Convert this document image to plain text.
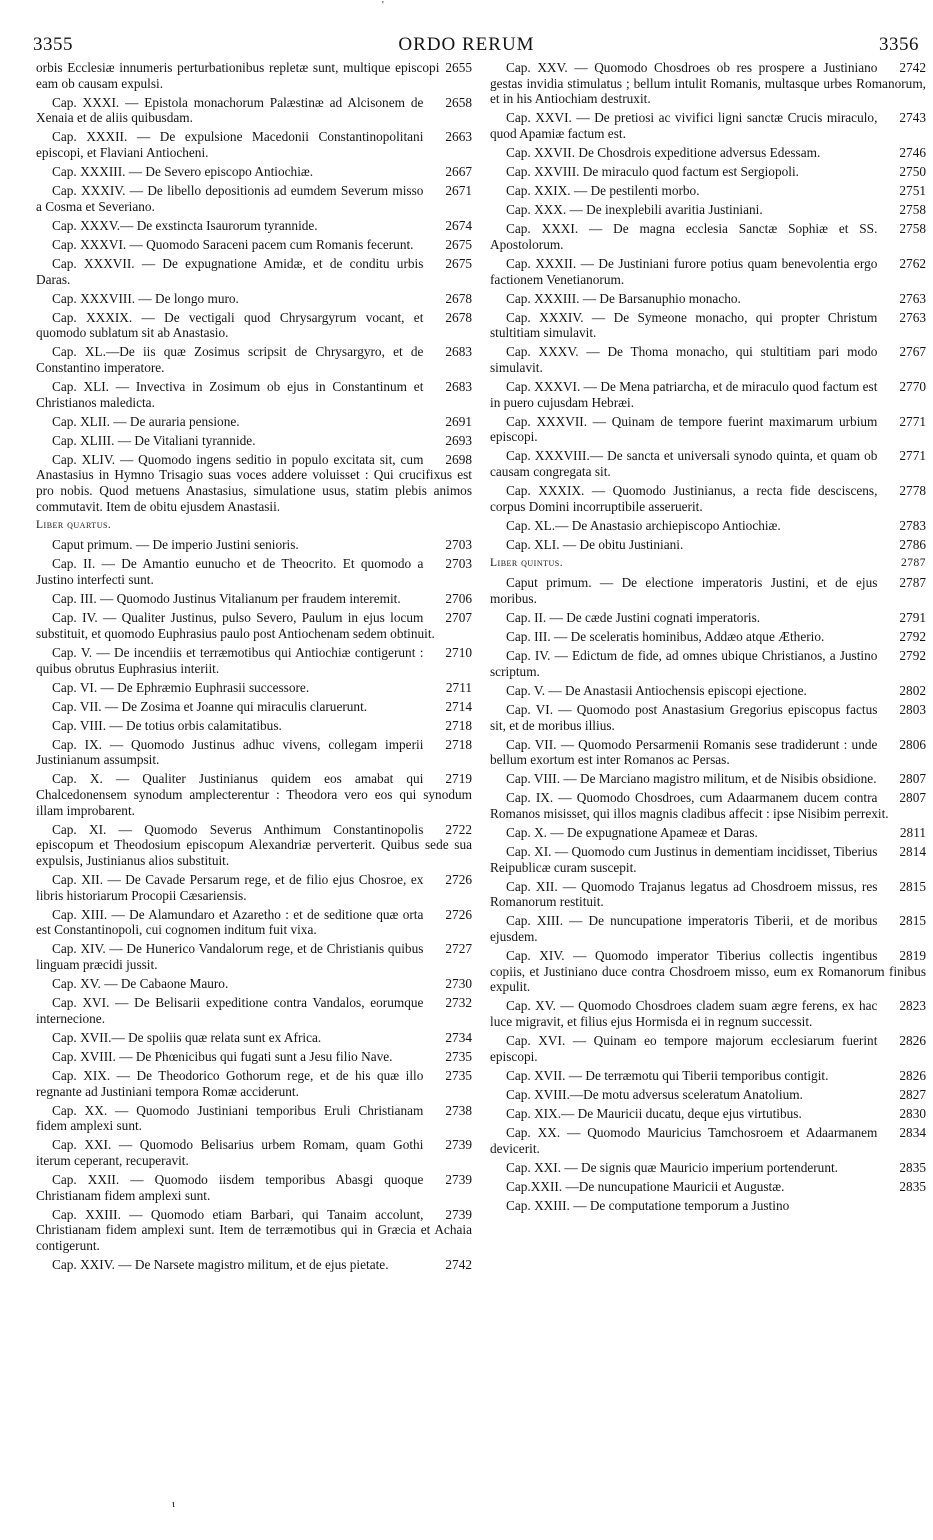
'
3355	ORDO RERUM	3356

2655
orbis Ecclesiæ innumeris perturbationibus repletæ sunt, multique episcopi eam ob causam expulsi.

2658
Cap. XXXI. — Epistola monachorum Palæstinæ ad Alcisonem de Xenaia et de aliis quibusdam.

2663
Cap. XXXII. — De expulsione Macedonii Constantinopolitani episcopi, et Flaviani Antiocheni.

2667
Cap. XXXIII. — De Severo episcopo Antiochiæ.

2671
Cap. XXXIV. — De libello depositionis ad eumdem Severum misso a Cosma et Severiano.

2674
Cap. XXXV.— De exstincta Isaurorum tyrannide.

2675
Cap. XXXVI. — Quomodo Saraceni pacem cum Romanis fecerunt.

2675
Cap. XXXVII. — De expugnatione Amidæ, et de conditu urbis Daras.

2678
Cap. XXXVIII. — De longo muro.

2678
Cap. XXXIX. — De vectigali quod Chrysargyrum vocant, et quomodo sublatum sit ab Anastasio.

2683
Cap. XL.—De iis quæ Zosimus scripsit de Chrysargyro, et de Constantino imperatore.

2683
Cap. XLI. — Invectiva in Zosimum ob ejus in Constantinum et Christianos maledicta.

2691
Cap. XLII. — De auraria pensione.

2693
Cap. XLIII. — De Vitaliani tyrannide.

2698
Cap. XLIV. — Quomodo ingens seditio in populo excitata sit, cum Anastasius in Hymno Trisagio suas voces addere voluisset : Qui crucifixus est pro nobis. Quod metuens Anastasius, simulatione usus, statim plebis animos commutavit. Item de obitu ejusdem Anastasii.

Liber quartus.

2703
Caput primum. — De imperio Justini senioris.

2703
Cap. II. — De Amantio eunucho et de Theocrito. Et quomodo a Justino interfecti sunt.

2706
Cap. III. — Quomodo Justinus Vitalianum per fraudem interemit.

2707
Cap. IV. — Qualiter Justinus, pulso Severo, Paulum in ejus locum substituit, et quomodo Euphrasius paulo post Antiochenam sedem obtinuit.

2710
Cap. V. — De incendiis et terræmotibus qui Antiochiæ contigerunt : quibus obrutus Euphrasius interiit.

2711
Cap. VI. — De Ephræmio Euphrasii successore.

2714
Cap. VII. — De Zosima et Joanne qui miraculis claruerunt.

2718
Cap. VIII. — De totius orbis calamitatibus.

2718
Cap. IX. — Quomodo Justinus adhuc vivens, collegam imperii Justinianum assumpsit.

2719
Cap. X. — Qualiter Justinianus quidem eos amabat qui Chalcedonensem synodum amplecterentur : Theodora vero eos qui synodum illam improbarent.

2722
Cap. XI. — Quomodo Severus Anthimum Constantinopolis episcopum et Theodosium episcopum Alexandriæ perverterit. Quibus sede sua expulsis, Justinianus alios substituit.

2726
Cap. XII. — De Cavade Persarum rege, et de filio ejus Chosroe, ex libris historiarum Procopii Cæsariensis.

2726
Cap. XIII. — De Alamundaro et Azaretho : et de seditione quæ orta est Constantinopoli, cui cognomen inditum fuit vixa.

2727
Cap. XIV. — De Hunerico Vandalorum rege, et de Christianis quibus linguam præcidi jussit.

2730
Cap. XV. — De Cabaone Mauro.

2732
Cap. XVI. — De Belisarii expeditione contra Vandalos, eorumque internecione.

2734
Cap. XVII.— De spoliis quæ relata sunt ex Africa.

2735
Cap. XVIII. — De Phœnicibus qui fugati sunt a Jesu filio Nave.

2735
Cap. XIX. — De Theodorico Gothorum rege, et de his quæ illo regnante ad Justiniani tempora Romæ acciderunt.

2738
Cap. XX. — Quomodo Justiniani temporibus Eruli Christianam fidem amplexi sunt.

2739
Cap. XXI. — Quomodo Belisarius urbem Romam, quam Gothi iterum ceperant, recuperavit.

2739
Cap. XXII. — Quomodo iisdem temporibus Abasgi quoque Christianam fidem amplexi sunt.

2739
Cap. XXIII. — Quomodo etiam Barbari, qui Tanaim accolunt, Christianam fidem amplexi sunt. Item de terræmotibus qui in Græcia et Achaia contigerunt.

2742
Cap. XXIV. — De Narsete magistro militum, et de ejus pietate.

2742
Cap. XXV. — Quomodo Chosdroes ob res prospere a Justiniano gestas invidia stimulatus ; bellum intulit Romanis, multasque urbes Romanorum, et in his Antiochiam destruxit.

2743
Cap. XXVI. — De pretiosi ac vivifici ligni sanctæ Crucis miraculo, quod Apamiæ factum est.

2746
Cap. XXVII. De Chosdrois expeditione adversus Edessam.

2750
Cap. XXVIII. De miraculo quod factum est Sergiopoli.

2751
Cap. XXIX. — De pestilenti morbo.

2758
Cap. XXX. — De inexplebili avaritia Justiniani.

2758
Cap. XXXI. — De magna ecclesia Sanctæ Sophiæ et SS. Apostolorum.

2762
Cap. XXXII. — De Justiniani furore potius quam benevolentia ergo factionem Venetianorum.

2763
Cap. XXXIII. — De Barsanuphio monacho.

2763
Cap. XXXIV. — De Symeone monacho, qui propter Christum stultitiam simulavit.

2767
Cap. XXXV. — De Thoma monacho, qui stultitiam pari modo simulavit.

2770
Cap. XXXVI. — De Mena patriarcha, et de miraculo quod factum est in puero cujusdam Hebræi.

2771
Cap. XXXVII. — Quinam de tempore fuerint maximarum urbium episcopi.

2771
Cap. XXXVIII.— De sancta et universali synodo quinta, et quam ob causam congregata sit.

2778
Cap. XXXIX. — Quomodo Justinianus, a recta fide desciscens, corpus Domini incorruptibile asseruerit.

2783
Cap. XL.— De Anastasio archiepiscopo Antiochiæ.

2786
Cap. XLI. — De obitu Justiniani.

2787
Liber quintus.

2787
Caput primum. — De electione imperatoris Justini, et de ejus moribus.

2791
Cap. II. — De cæde Justini cognati imperatoris.

2792
Cap. III. — De sceleratis hominibus, Addæo atque Ætherio.

2792
Cap. IV. — Edictum de fide, ad omnes ubique Christianos, a Justino scriptum.

2802
Cap. V. — De Anastasii Antiochensis episcopi ejectione.

2803
Cap. VI. — Quomodo post Anastasium Gregorius episcopus factus sit, et de moribus illius.

2806
Cap. VII. — Quomodo Persarmenii Romanis sese tradiderunt : unde bellum exortum est inter Romanos ac Persas.

2807
Cap. VIII. — De Marciano magistro militum, et de Nisibis obsidione.

2807
Cap. IX. — Quomodo Chosdroes, cum Adaarmanem ducem contra Romanos misisset, qui illos magnis cladibus affecit : ipse Nisibim perrexit.

2811
Cap. X. — De expugnatione Apameæ et Daras.

2814
Cap. XI. — Quomodo cum Justinus in dementiam incidisset, Tiberius Reipublicæ curam suscepit.

2815
Cap. XII. — Quomodo Trajanus legatus ad Chosdroem missus, res Romanorum restituit.

2815
Cap. XIII. — De nuncupatione imperatoris Tiberii, et de moribus ejusdem.

2819
Cap. XIV. — Quomodo imperator Tiberius collectis ingentibus copiis, et Justiniano duce contra Chosdroem misso, eum ex Romanorum finibus expulit.

2823
Cap. XV. — Quomodo Chosdroes cladem suam ægre ferens, ex hac luce migravit, et filius ejus Hormisda ei in regnum successit.

2826
Cap. XVI. — Quinam eo tempore majorum ecclesiarum fuerint episcopi.

2826
Cap. XVII. — De terræmotu qui Tiberii temporibus contigit.

2827
Cap. XVIII.—De motu adversus sceleratum Anatolium.

2830
Cap. XIX.— De Mauricii ducatu, deque ejus virtutibus.

2834
Cap. XX. — Quomodo Mauricius Tamchosroem et Adaarmanem devicerit.

2835
Cap. XXI. — De signis quæ Mauricio imperium portenderunt.

2835
Cap.XXII. —De nuncupatione Mauricii et Augustæ.

Cap. XXIII. — De computatione temporum a Justino

ι
